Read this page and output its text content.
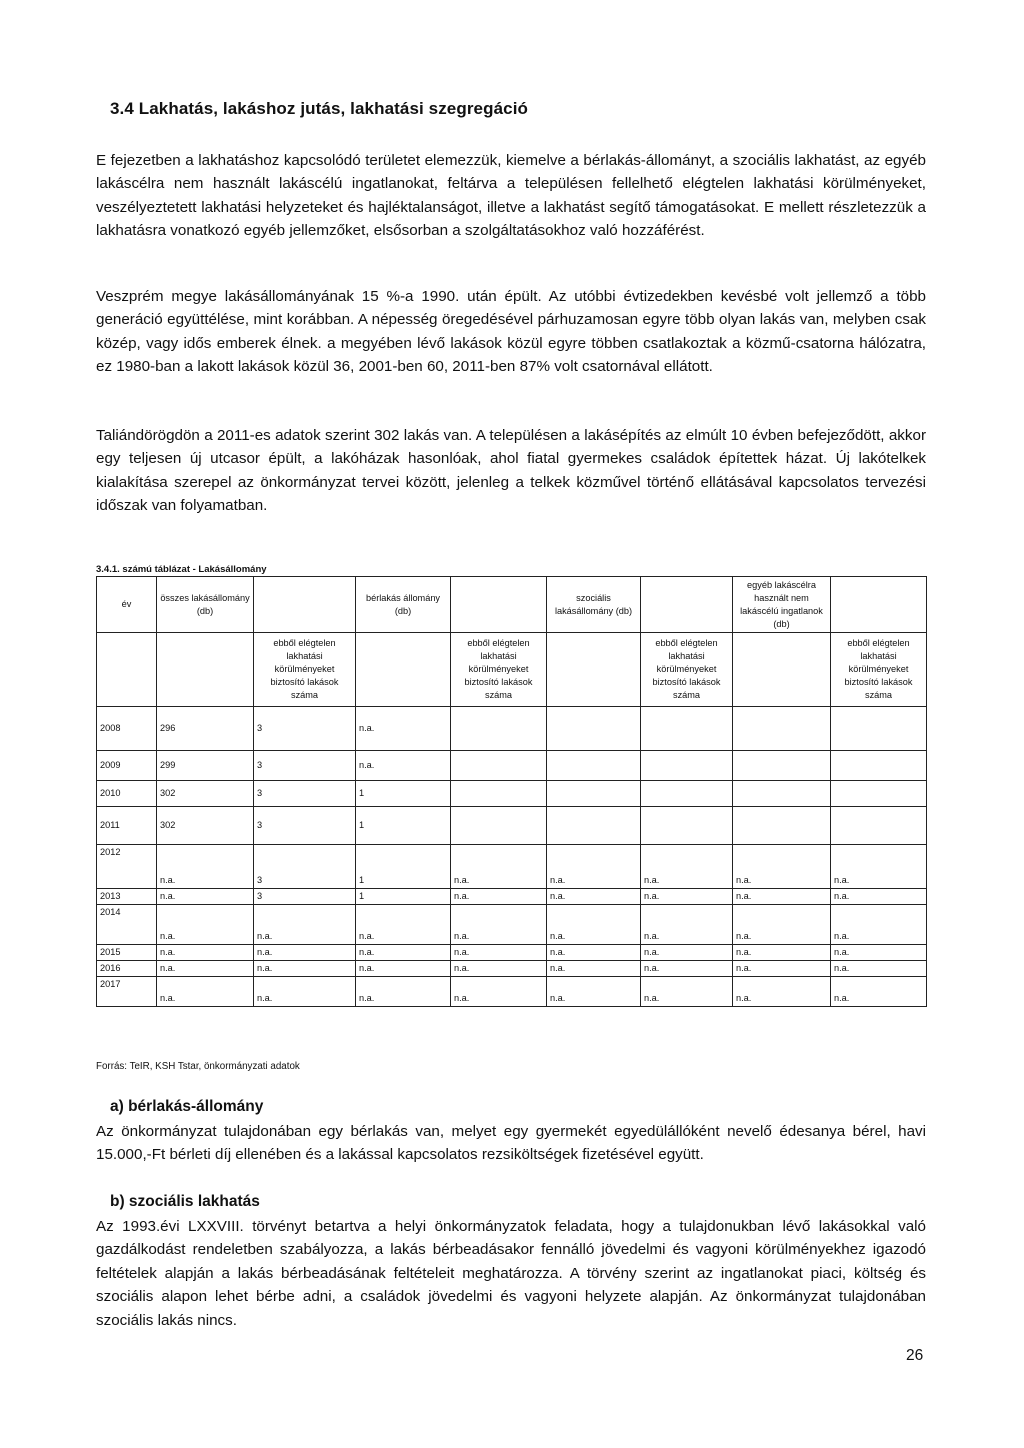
3.4 Lakhatás, lakáshoz jutás, lakhatási szegregáció

E fejezetben a lakhatáshoz kapcsolódó területet elemezzük, kiemelve a bérlakás-állományt, a szociális lakhatást, az egyéb lakáscélra nem használt lakáscélú ingatlanokat, feltárva a településen fellelhető elégtelen lakhatási körülményeket, veszélyeztetett lakhatási helyzeteket és hajléktalanságot, illetve a lakhatást segítő támogatásokat. E mellett részletezzük a lakhatásra vonatkozó egyéb jellemzőket, elsősorban a szolgáltatásokhoz való hozzáférést.

Veszprém megye lakásállományának 15 %-a 1990. után épült. Az utóbbi évtizedekben kevésbé volt jellemző a több generáció együttélése, mint korábban. A népesség öregedésével párhuzamosan egyre több olyan lakás van, melyben csak közép, vagy idős emberek élnek. a megyében lévő lakások közül egyre többen csatlakoztak a közmű-csatorna hálózatra, ez 1980-ban a lakott lakások közül 36, 2001-ben 60, 2011-ben 87% volt csatornával ellátott.

Taliándörögdön a 2011-es adatok szerint 302 lakás van. A településen a lakásépítés az elmúlt 10 évben befejeződött, akkor egy teljesen új utcasor épült, a lakóházak hasonlóak, ahol fiatal gyermekes családok építettek házat. Új lakótelkek kialakítása szerepel az önkormányzat tervei között, jelenleg a telkek közművel történő ellátásával kapcsolatos tervezési időszak van folyamatban.

3.4.1. számú táblázat - Lakásállomány
év	összes lakásállomány (db)		bérlakás állomány (db)		szociális lakásállomány (db)		egyéb lakáscélra használt nem lakáscélú ingatlanok (db)	
		ebből elégtelen lakhatási körülményeket biztosító lakások száma		ebből elégtelen lakhatási körülményeket biztosító lakások száma		ebből elégtelen lakhatási körülményeket biztosító lakások száma		ebből elégtelen lakhatási körülményeket biztosító lakások száma
2008	296	3	n.a.					
2009	299	3	n.a.					
2010	302	3	1					
2011	302	3	1					
2012	n.a.	3	1	n.a.	n.a.	n.a.	n.a.	n.a.
2013	n.a.	3	1	n.a.	n.a.	n.a.	n.a.	n.a.
2014	n.a.	n.a.	n.a.	n.a.	n.a.	n.a.	n.a.	n.a.
2015	n.a.	n.a.	n.a.	n.a.	n.a.	n.a.	n.a.	n.a.
2016	n.a.	n.a.	n.a.	n.a.	n.a.	n.a.	n.a.	n.a.
2017	n.a.	n.a.	n.a.	n.a.	n.a.	n.a.	n.a.	n.a.
Forrás: TeIR, KSH Tstar, önkormányzati adatok
a) bérlakás-állomány

Az önkormányzat tulajdonában egy bérlakás van, melyet egy gyermekét egyedülállóként nevelő édesanya bérel, havi 15.000,-Ft bérleti díj ellenében és a lakással kapcsolatos rezsiköltségek fizetésével együtt.

b) szociális lakhatás

Az 1993.évi LXXVIII. törvényt betartva a helyi önkormányzatok feladata, hogy a tulajdonukban lévő lakásokkal való gazdálkodást rendeletben szabályozza, a lakás bérbeadásakor fennálló jövedelmi és vagyoni körülményekhez igazodó feltételek alapján a lakás bérbeadásának feltételeit meghatározza. A törvény szerint az ingatlanokat piaci, költség és szociális alapon lehet bérbe adni, a családok jövedelmi és vagyoni helyzete alapján. Az önkormányzat tulajdonában szociális lakás nincs.

26
